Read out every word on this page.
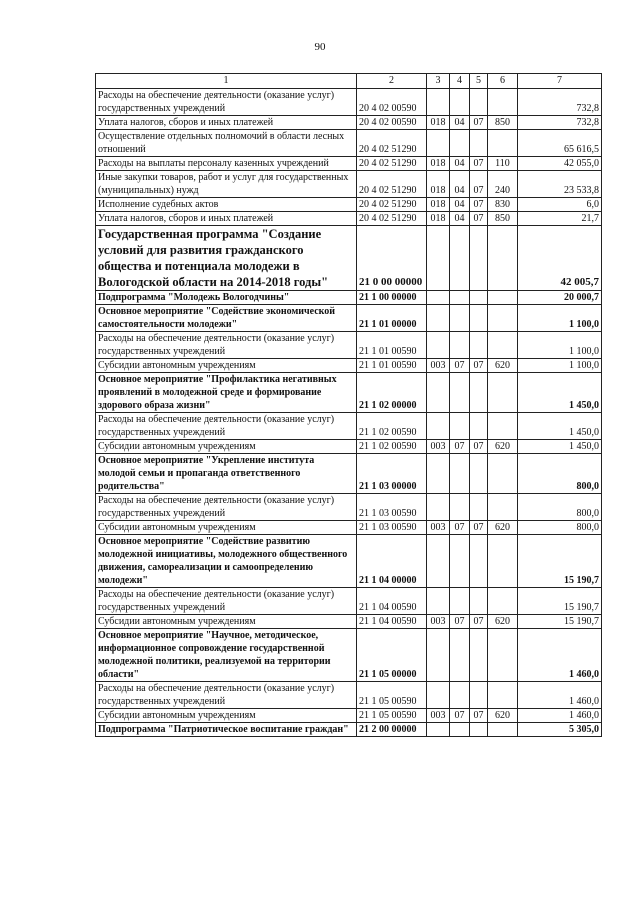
90
1	2	3	4	5	6	7
Расходы на обеспечение деятельности (оказание услуг) государственных учреждений	20 4 02 00590					732,8
Уплата налогов, сборов и иных платежей	20 4 02 00590	018	04	07	850	732,8
Осуществление отдельных полномочий в области лесных отношений	20 4 02 51290					65 616,5
Расходы на выплаты персоналу казенных учреждений	20 4 02 51290	018	04	07	110	42 055,0
Иные закупки товаров, работ и услуг для государственных (муниципальных) нужд	20 4 02 51290	018	04	07	240	23 533,8
Исполнение судебных актов	20 4 02 51290	018	04	07	830	6,0
Уплата налогов, сборов и иных платежей	20 4 02 51290	018	04	07	850	21,7
Государственная программа "Создание условий для развития гражданского общества и потенциала молодежи в Вологодской области на 2014-2018 годы"	21 0 00 00000					42 005,7
Подпрограмма "Молодежь Вологодчины"	21 1 00 00000					20 000,7
Основное мероприятие "Содействие экономической самостоятельности молодежи"	21 1 01 00000					1 100,0
Расходы на обеспечение деятельности (оказание услуг) государственных учреждений	21 1 01 00590					1 100,0
Субсидии автономным учреждениям	21 1 01 00590	003	07	07	620	1 100,0
Основное мероприятие "Профилактика негативных проявлений в молодежной среде и формирование здорового образа жизни"	21 1 02 00000					1 450,0
Расходы на обеспечение деятельности (оказание услуг) государственных учреждений	21 1 02 00590					1 450,0
Субсидии автономным учреждениям	21 1 02 00590	003	07	07	620	1 450,0
Основное мероприятие "Укрепление института молодой семьи и пропаганда ответственного родительства"	21 1 03 00000					800,0
Расходы на обеспечение деятельности (оказание услуг) государственных учреждений	21 1 03 00590					800,0
Субсидии автономным учреждениям	21 1 03 00590	003	07	07	620	800,0
Основное мероприятие "Содействие развитию молодежной инициативы, молодежного общественного движения, самореализации и самоопределению молодежи"	21 1 04 00000					15 190,7
Расходы на обеспечение деятельности (оказание услуг) государственных учреждений	21 1 04 00590					15 190,7
Субсидии автономным учреждениям	21 1 04 00590	003	07	07	620	15 190,7
Основное мероприятие "Научное, методическое, информационное сопровождение государственной молодежной политики, реализуемой на территории области"	21 1 05 00000					1 460,0
Расходы на обеспечение деятельности (оказание услуг) государственных учреждений	21 1 05 00590					1 460,0
Субсидии автономным учреждениям	21 1 05 00590	003	07	07	620	1 460,0
Подпрограмма "Патриотическое воспитание граждан"	21 2 00 00000					5 305,0
